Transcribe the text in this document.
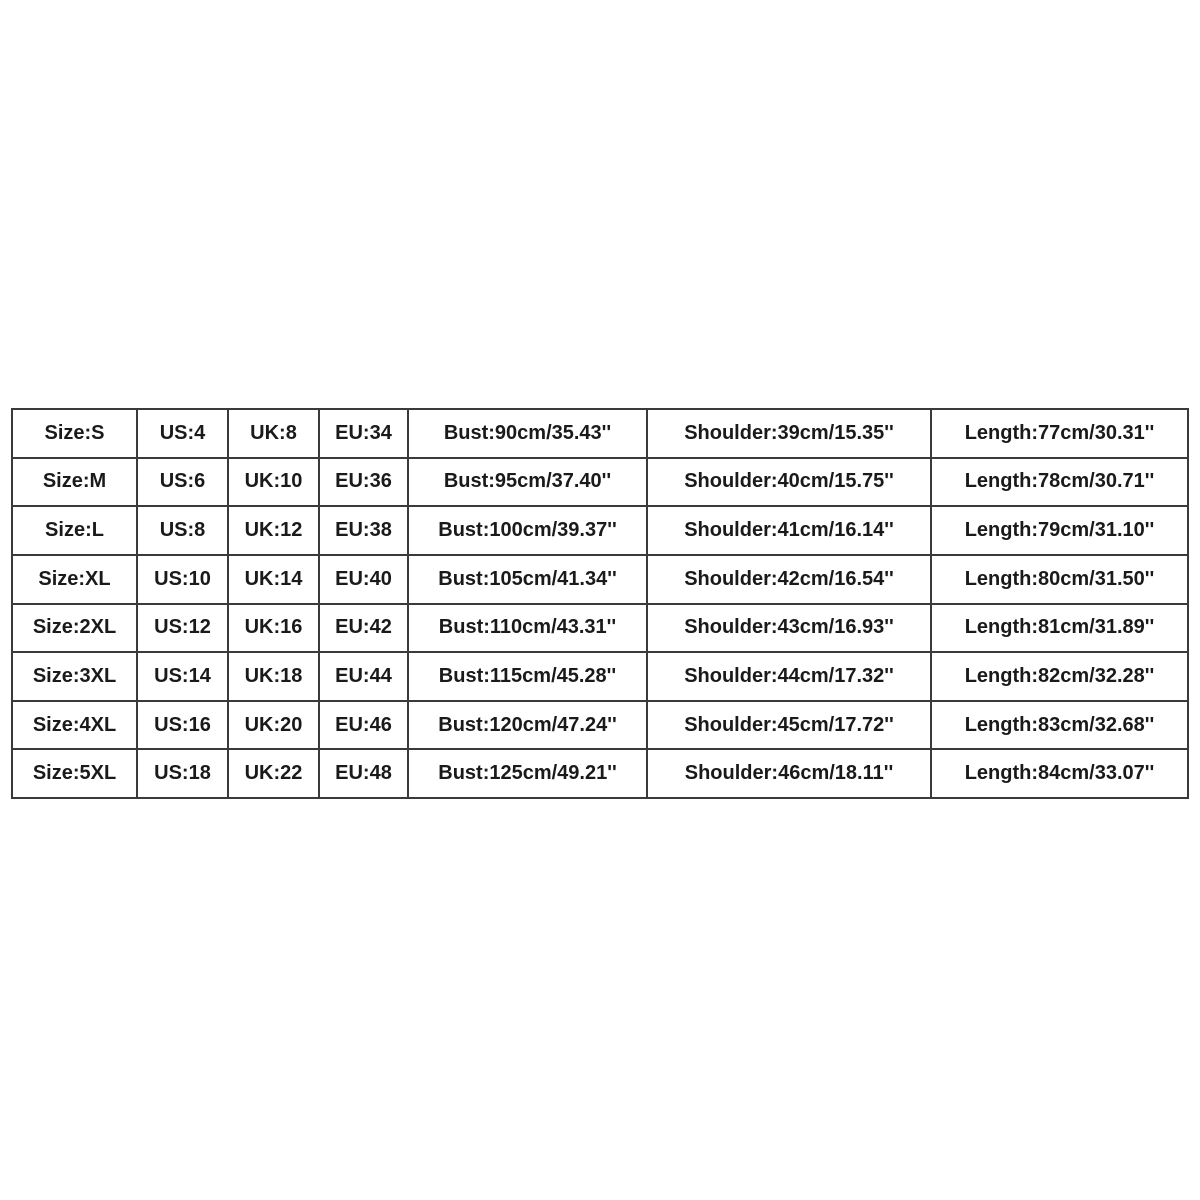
Size:S	US:4	UK:8	EU:34	Bust:90cm/35.43''	Shoulder:39cm/15.35''	Length:77cm/30.31''
Size:M	US:6	UK:10	EU:36	Bust:95cm/37.40''	Shoulder:40cm/15.75''	Length:78cm/30.71''
Size:L	US:8	UK:12	EU:38	Bust:100cm/39.37''	Shoulder:41cm/16.14''	Length:79cm/31.10''
Size:XL	US:10	UK:14	EU:40	Bust:105cm/41.34''	Shoulder:42cm/16.54''	Length:80cm/31.50''
Size:2XL	US:12	UK:16	EU:42	Bust:110cm/43.31''	Shoulder:43cm/16.93''	Length:81cm/31.89''
Size:3XL	US:14	UK:18	EU:44	Bust:115cm/45.28''	Shoulder:44cm/17.32''	Length:82cm/32.28''
Size:4XL	US:16	UK:20	EU:46	Bust:120cm/47.24''	Shoulder:45cm/17.72''	Length:83cm/32.68''
Size:5XL	US:18	UK:22	EU:48	Bust:125cm/49.21''	Shoulder:46cm/18.11''	Length:84cm/33.07''
